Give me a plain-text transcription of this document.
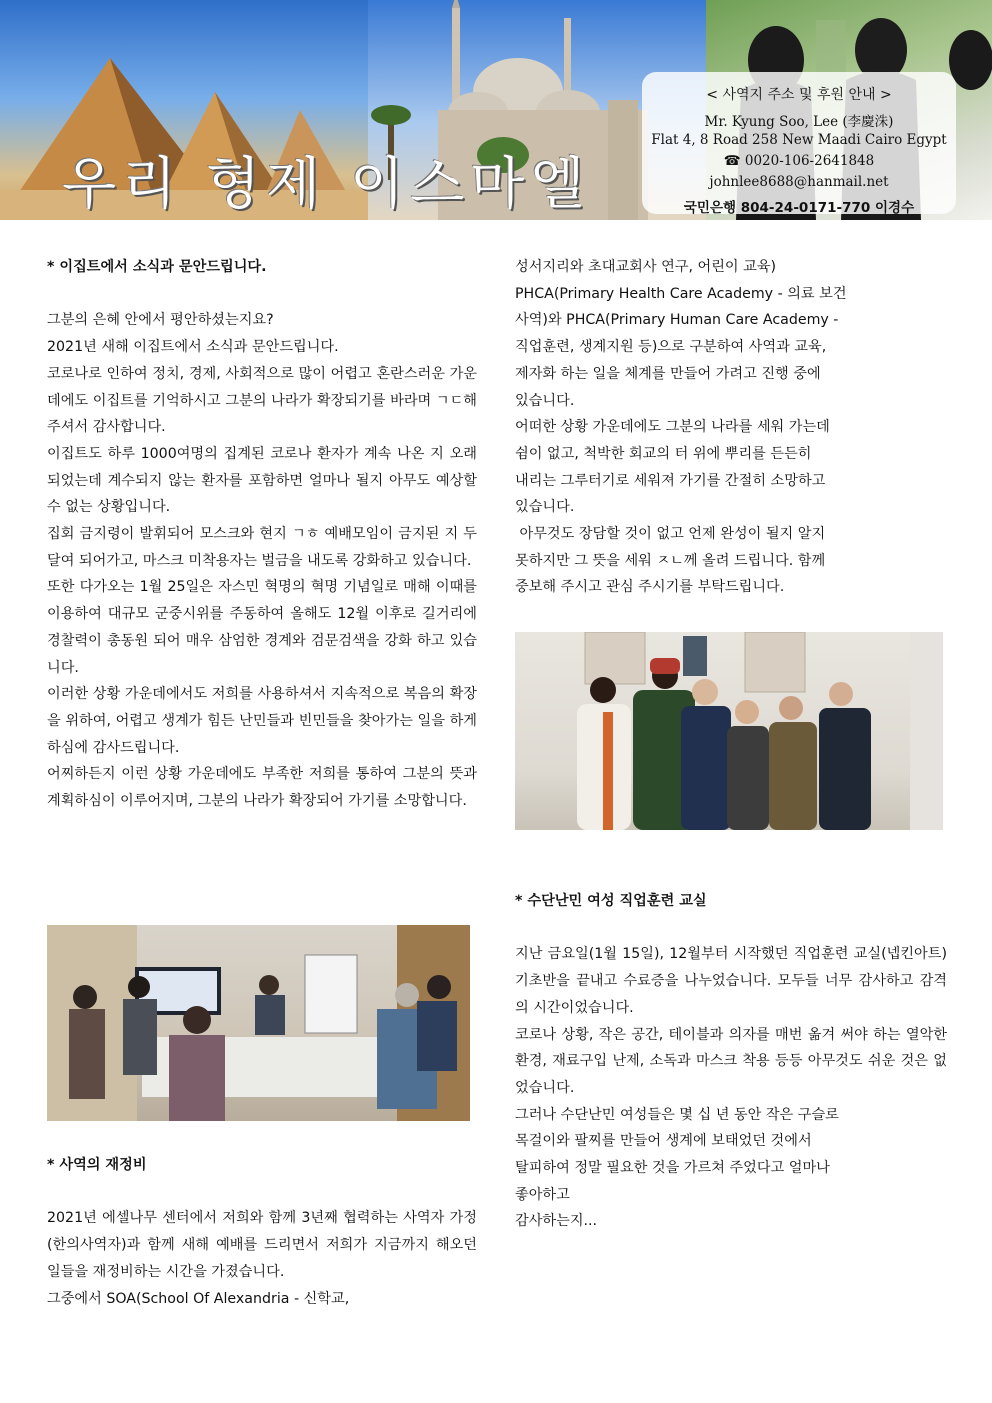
< 사역지 주소 및 후원 안내 >
Mr. Kyung Soo, Lee (李慶洙)
Flat 4, 8 Road 258 New Maadi Cairo Egypt
☎ 0020-106-2641848
johnlee8688@hanmail.net
국민은행 804-24-0171-770 이경수
우리 형제 이스마엘

* 이집트에서 소식과 문안드립니다.

그분의 은혜 안에서 평안하셨는지요?

2021년 새해 이집트에서 소식과 문안드립니다.

코로나로 인하여 정치, 경제, 사회적으로 많이 어렵고 혼란스러운 가운데에도 이집트를 기억하시고 그분의 나라가 확장되기를 바라며 ㄱㄷ해 주셔서 감사합니다.

이집트도 하루 1000여명의 집계된 코로나 환자가 계속 나온 지 오래 되었는데 계수되지 않는 환자를 포함하면 얼마나 될지 아무도 예상할 수 없는 상황입니다.

집회 금지령이 발휘되어 모스크와 현지 ㄱㅎ 예배모임이 금지된 지 두 달여 되어가고, 마스크 미착용자는 벌금을 내도록 강화하고 있습니다.

또한 다가오는 1월 25일은 자스민 혁명의 혁명 기념일로 매해 이때를 이용하여 대규모 군중시위를 주동하여 올해도 12월 이후로 길거리에 경찰력이 총동원 되어 매우 삼엄한 경계와 검문검색을 강화 하고 있습니다.

이러한 상황 가운데에서도 저희를 사용하셔서 지속적으로 복음의 확장을 위하여, 어렵고 생계가 힘든 난민들과 빈민들을 찾아가는 일을 하게 하심에 감사드립니다.

어찌하든지 이런 상황 가운데에도 부족한 저희를 통하여 그분의 뜻과 계획하심이 이루어지며, 그분의 나라가 확장되어 가기를 소망합니다.

* 사역의 재정비

2021년 에셀나무 센터에서 저희와 함께 3년째 협력하는 사역자 가정(한의사역자)과 함께 새해 예배를 드리면서 저희가 지금까지 해오던 일들을 재정비하는 시간을 가졌습니다.

그중에서 SOA(School Of Alexandria - 신학교,

성서지리와 초대교회사 연구, 어린이 교육)

PHCA(Primary Health Care Academy - 의료 보건

사역)와 PHCA(Primary Human Care Academy -

직업훈련, 생계지원 등)으로 구분하여 사역과 교육,

제자화 하는 일을 체계를 만들어 가려고 진행 중에

있습니다.

어떠한 상황 가운데에도 그분의 나라를 세워 가는데

쉼이 없고, 척박한 회교의 터 위에 뿌리를 든든히

내리는 그루터기로 세워져 가기를 간절히 소망하고

있습니다.

아무것도 장담할 것이 없고 언제 완성이 될지 알지

못하지만 그 뜻을 세워 ㅈㄴ께 올려 드립니다. 함께

중보해 주시고 관심 주시기를 부탁드립니다.

* 수단난민 여성 직업훈련 교실

지난 금요일(1월 15일), 12월부터 시작했던 직업훈련 교실(넵킨아트) 기초반을 끝내고 수료증을 나누었습니다. 모두들 너무 감사하고 감격의 시간이었습니다.

코로나 상황, 작은 공간, 테이블과 의자를 매번 옮겨 써야 하는 열악한 환경, 재료구입 난제, 소독과 마스크 착용 등등 아무것도 쉬운 것은 없었습니다.

그러나 수단난민 여성들은 몇 십 년 동안 작은 구슬로

목걸이와 팔찌를 만들어 생계에 보태었던 것에서

탈피하여 정말 필요한 것을 가르쳐 주었다고 얼마나

좋아하고

감사하는지...
